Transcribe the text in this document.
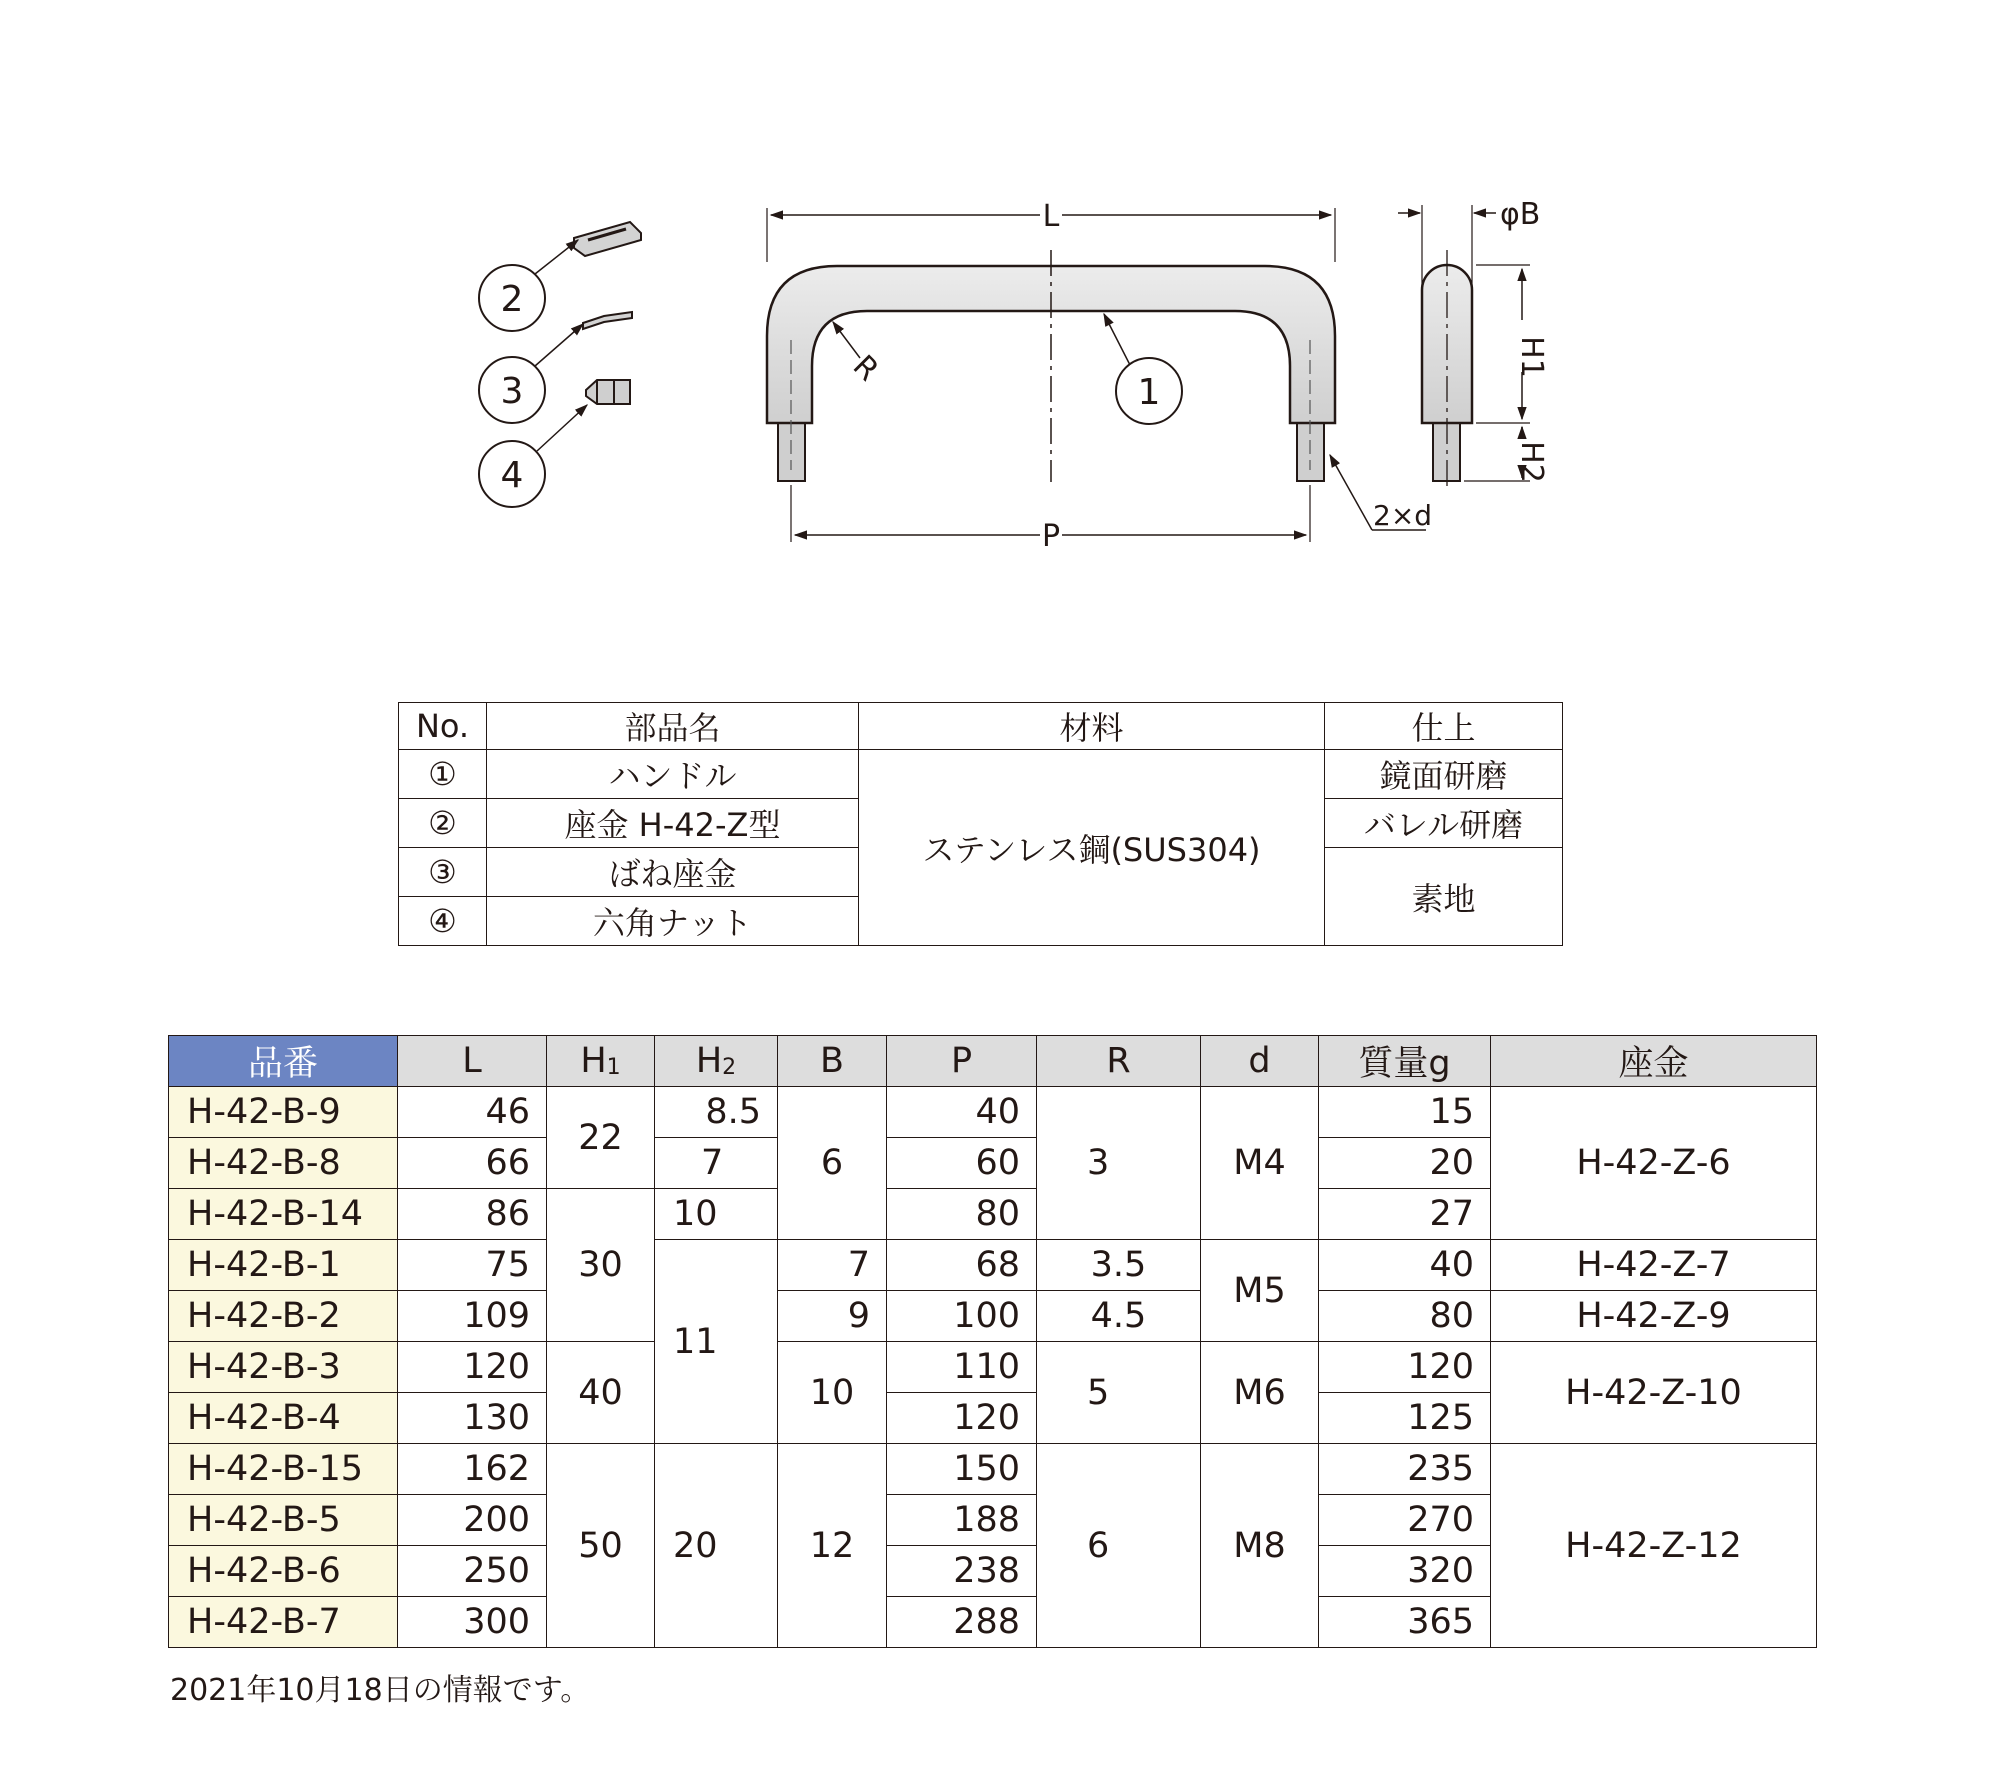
2
3
4
L
P
R
1
2×d
φB
H1
H2
No.	部品名	材料	仕上
①	ハンドル	ステンレス鋼(SUS304)	鏡面研磨
②	座金 H-42-Z型		バレル研磨
③	ばね座金		素地
④	六角ナット		
品番	L	$H_1$	$H_2$	B	P	R	d	質量g	座金
H-42-B-9	46	22	8.5	6	40	3	M4	15	H-42-Z-6
H-42-B-8	66		7		60			20	
H-42-B-14	86	30	10		80			27	
H-42-B-1	75		11	7	68	3.5	M5	40	H-42-Z-7
H-42-B-2	109			9	100	4.5		80	H-42-Z-9
H-42-B-3	120	40		10	110	5	M6	120	H-42-Z-10
H-42-B-4	130				120			125	
H-42-B-15	162	50	20	12	150	6	M8	235	H-42-Z-12
H-42-B-5	200				188			270	
H-42-B-6	250				238			320	
H-42-B-7	300				288			365	
2021年10月18日の情報です。
